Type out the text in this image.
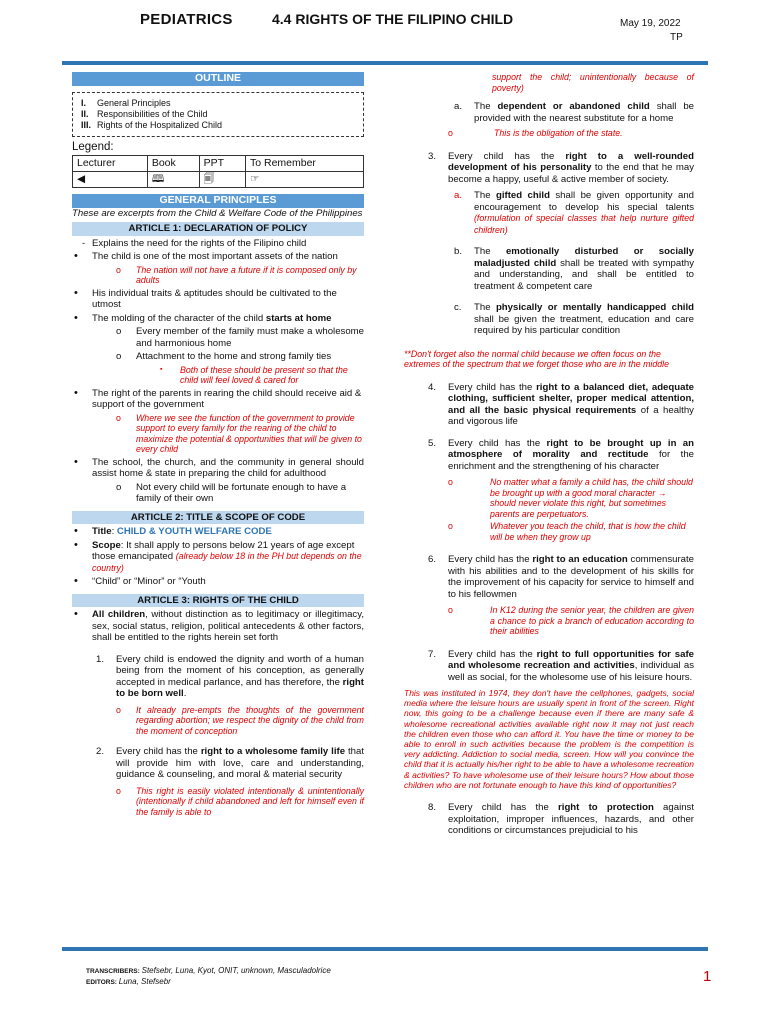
PEDIATRICS	4.4 RIGHTS OF THE FILIPINO CHILD	May 19, 2022
TP
OUTLINE
I. General Principles
II. Responsibilities of the Child
III. Rights of the Hospitalized Child
Legend:
Lecturer	Book	PPT	To Remember
◀	🕮	🗐	☞
GENERAL PRINCIPLES
These are excerpts from the Child & Welfare Code of the Philippines
ARTICLE 1: DECLARATION OF POLICY
- Explains the need for the rights of the Filipino child
• The child is one of the most important assets of the nation
o The nation will not have a future if it is composed only by adults
• His individual traits & aptitudes should be cultivated to the utmost
• The molding of the character of the child starts at home
o Every member of the family must make a wholesome and harmonious home
o Attachment to the home and strong family ties
▪ Both of these should be present so that the child will feel loved & cared for
• The right of the parents in rearing the child should receive aid & support of the government
o Where we see the function of the government to provide support to every family for the rearing of the child to maximize the potential & opportunities that will be given to every child
• The school, the church, and the community in general should assist home & state in preparing the child for adulthood
o Not every child will be fortunate enough to have a family of their own
ARTICLE 2: TITLE & SCOPE OF CODE
• Title: CHILD & YOUTH WELFARE CODE
• Scope: It shall apply to persons below 21 years of age except those emancipated (already below 18 in the PH but depends on the country)
• “Child” or “Minor” or “Youth
ARTICLE 3: RIGHTS OF THE CHILD
• All children, without distinction as to legitimacy or illegitimacy, sex, social status, religion, political antecedents & other factors, shall be entitled to the rights herein set forth
1. Every child is endowed the dignity and worth of a human being from the moment of his conception, as generally accepted in medical parlance, and has therefore, the right to be born well.
o It already pre-empts the thoughts of the government regarding abortion; we respect the dignity of the child from the moment of conception
2. Every child has the right to a wholesome family life that will provide him with love, care and understanding, guidance & counseling, and moral & material security
o This right is easily violated intentionally & unintentionally (intentionally if child abandoned and left for himself even if the family is able to
support the child; unintentionally because of poverty)
a. The dependent or abandoned child shall be provided with the nearest substitute for a home
o This is the obligation of the state.
3. Every child has the right to a well-rounded development of his personality to the end that he may become a happy, useful & active member of society.
a. The gifted child shall be given opportunity and encouragement to develop his special talents (formulation of special classes that help nurture gifted children)
b. The emotionally disturbed or socially maladjusted child shall be treated with sympathy and understanding, and shall be entitled to treatment & competent care
c. The physically or mentally handicapped child shall be given the treatment, education and care required by his particular condition
**Don't forget also the normal child because we often focus on the extremes of the spectrum that we forget those who are in the middle
4. Every child has the right to a balanced diet, adequate clothing, sufficient shelter, proper medical attention, and all the basic physical requirements of a healthy and vigorous life
5. Every child has the right to be brought up in an atmosphere of morality and rectitude for the enrichment and the strengthening of his character
o No matter what a family a child has, the child should be brought up with a good moral character → should never violate this right, but sometimes parents are perpetuators.
o Whatever you teach the child, that is how the child will be when they grow up
6. Every child has the right to an education commensurate with his abilities and to the development of his skills for the improvement of his capacity for service to himself and to his fellowmen
o In K12 during the senior year, the children are given a chance to pick a branch of education according to their abilities
7. Every child has the right to full opportunities for safe and wholesome recreation and activities, individual as well as social, for the wholesome use of his leisure hours.
This was instituted in 1974, they don't have the cellphones, gadgets, social media where the leisure hours are usually spent in front of the screen. Right now, this going to be a challenge because even if there are many safe & wholesome recreational activities available right now it may not just reach the children even those who can afford it. You have the time or money to be able to enroll in such activities because the problem is the competition is very addicting. Addiction to social media, screen. How will you convince the child that it is actually his/her right to be able to have a wholesome recreation & activities? To have wholesome use of their leisure hours? How about those children who are not fortunate enough to have this kind of opportunities?
8. Every child has the right to protection against exploitation, improper influences, hazards, and other conditions or circumstances prejudicial to his
TRANSCRIBERS: Stefsebr, Luna, Kyot, ONIT, unknown, Masculadolrice
EDITORS: Luna, Stefsebr	1
